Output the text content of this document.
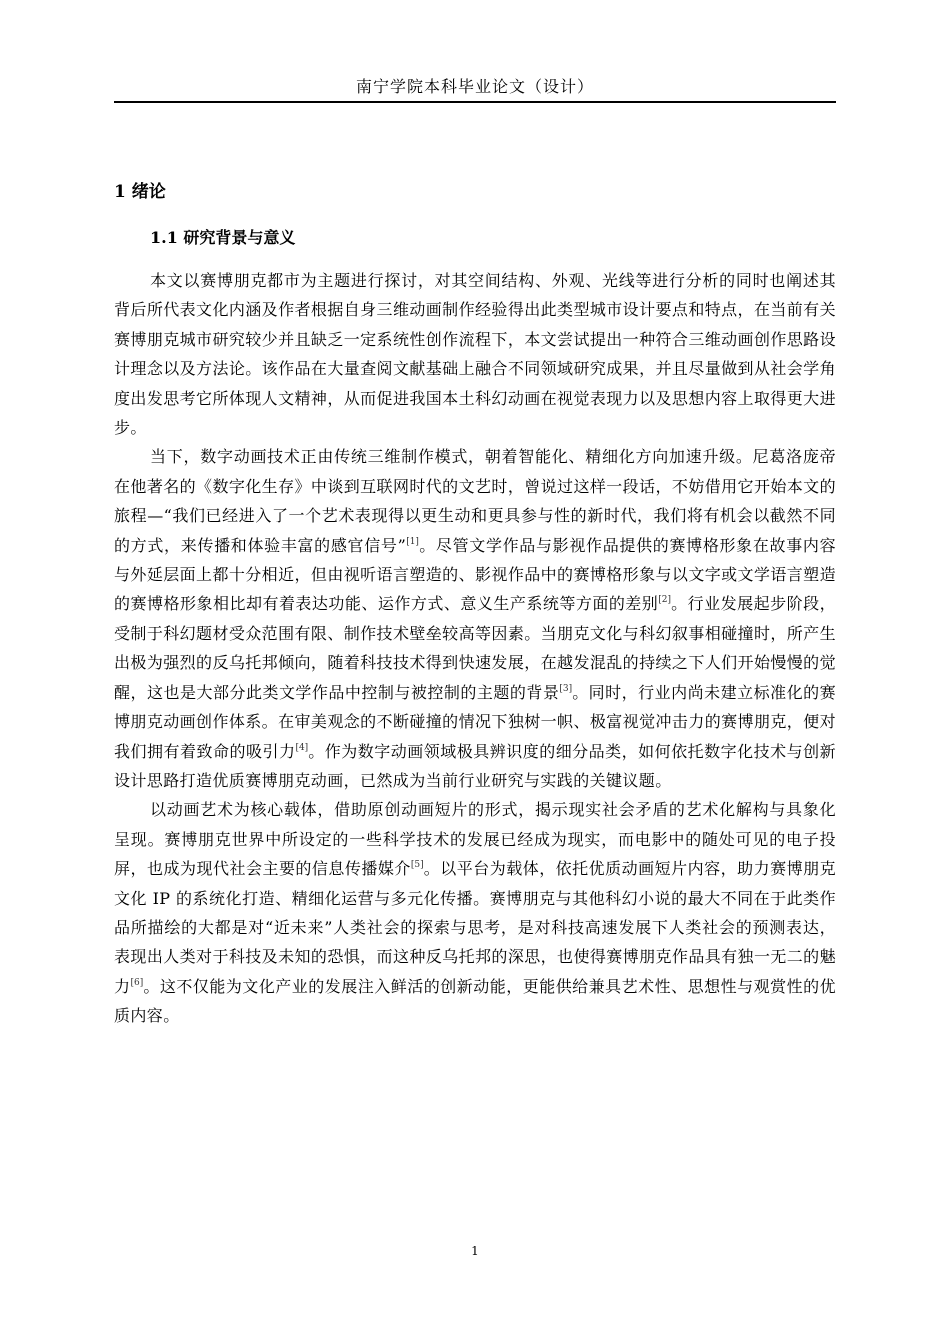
南宁学院本科毕业论文（设计）
1 绪论
1.1 研究背景与意义

本文以赛博朋克都市为主题进行探讨，对其空间结构、外观、光线等进行分析的同时也阐述其背后所代表文化内涵及作者根据自身三维动画制作经验得出此类型城市设计要点和特点，在当前有关赛博朋克城市研究较少并且缺乏一定系统性创作流程下，本文尝试提出一种符合三维动画创作思路设计理念以及方法论。该作品在大量查阅文献基础上融合不同领域研究成果，并且尽量做到从社会学角度出发思考它所体现人文精神，从而促进我国本土科幻动画在视觉表现力以及思想内容上取得更大进步。

当下，数字动画技术正由传统三维制作模式，朝着智能化、精细化方向加速升级。尼葛洛庞帝在他著名的《数字化生存》中谈到互联网时代的文艺时，曾说过这样一段话，不妨借用它开始本文的旅程—“我们已经进入了一个艺术表现得以更生动和更具参与性的新时代，我们将有机会以截然不同的方式，来传播和体验丰富的感官信号”[1]。尽管文学作品与影视作品提供的赛博格形象在故事内容与外延层面上都十分相近，但由视听语言塑造的、影视作品中的赛博格形象与以文字或文学语言塑造的赛博格形象相比却有着表达功能、运作方式、意义生产系统等方面的差别[2]。行业发展起步阶段，受制于科幻题材受众范围有限、制作技术壁垒较高等因素。当朋克文化与科幻叙事相碰撞时，所产生出极为强烈的反乌托邦倾向，随着科技技术得到快速发展，在越发混乱的持续之下人们开始慢慢的觉醒，这也是大部分此类文学作品中控制与被控制的主题的背景[3]。同时，行业内尚未建立标准化的赛博朋克动画创作体系。在审美观念的不断碰撞的情况下独树一帜、极富视觉冲击力的赛博朋克，便对我们拥有着致命的吸引力[4]。作为数字动画领域极具辨识度的细分品类，如何依托数字化技术与创新设计思路打造优质赛博朋克动画，已然成为当前行业研究与实践的关键议题。

以动画艺术为核心载体，借助原创动画短片的形式，揭示现实社会矛盾的艺术化解构与具象化呈现。赛博朋克世界中所设定的一些科学技术的发展已经成为现实，而电影中的随处可见的电子投屏，也成为现代社会主要的信息传播媒介[5]。以平台为载体，依托优质动画短片内容，助力赛博朋克文化 IP 的系统化打造、精细化运营与多元化传播。赛博朋克与其他科幻小说的最大不同在于此类作品所描绘的大都是对“近未来”人类社会的探索与思考，是对科技高速发展下人类社会的预测表达，表现出人类对于科技及未知的恐惧，而这种反乌托邦的深思，也使得赛博朋克作品具有独一无二的魅力[6]。这不仅能为文化产业的发展注入鲜活的创新动能，更能供给兼具艺术性、思想性与观赏性的优质内容。

1
